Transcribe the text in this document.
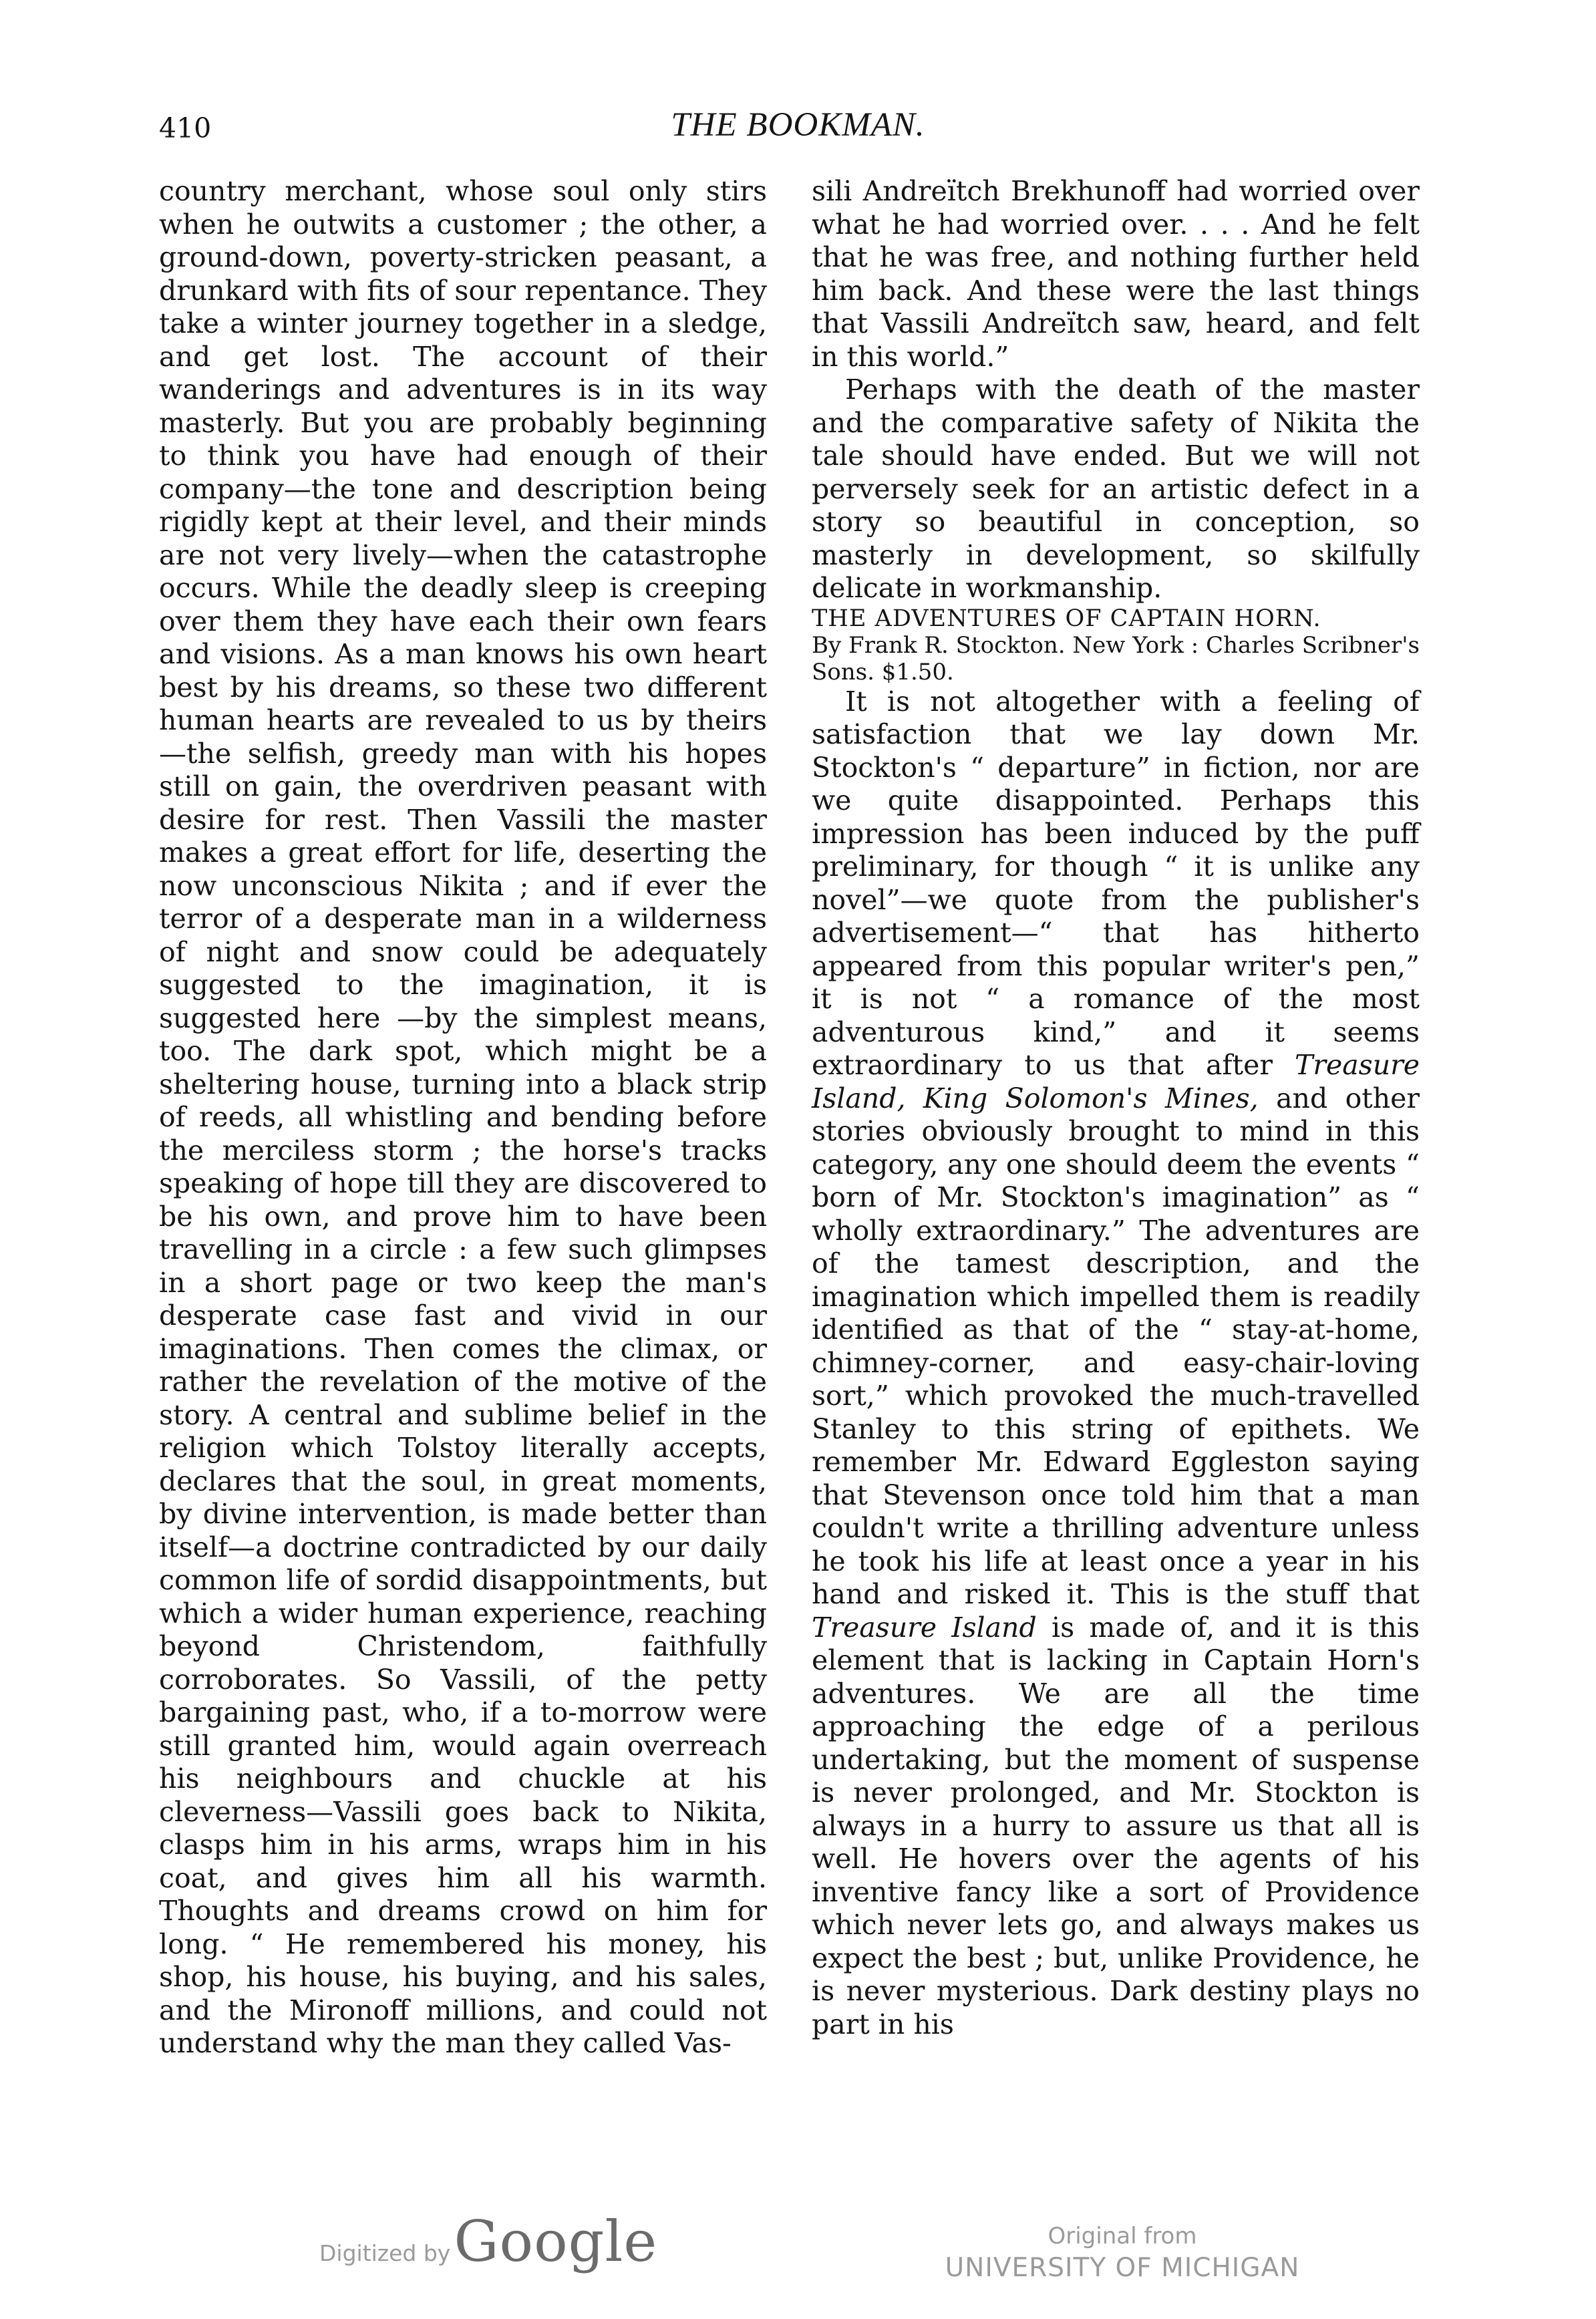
410	THE BOOKMAN.

country merchant, whose soul only stirs when he outwits a customer ; the other, a ground-down, poverty-stricken peasant, a drunkard with fits of sour repentance. They take a winter journey together in a sledge, and get lost. The account of their wanderings and adventures is in its way masterly. But you are probably beginning to think you have had enough of their company—the tone and description being rigidly kept at their level, and their minds are not very lively—when the catastrophe occurs. While the deadly sleep is creeping over them they have each their own fears and visions. As a man knows his own heart best by his dreams, so these two different human hearts are revealed to us by theirs—the selfish, greedy man with his hopes still on gain, the overdriven peasant with desire for rest. Then Vassili the master makes a great effort for life, deserting the now unconscious Nikita ; and if ever the terror of a desperate man in a wilderness of night and snow could be adequately suggested to the imagination, it is suggested here —by the simplest means, too. The dark spot, which might be a sheltering house, turning into a black strip of reeds, all whistling and bending before the merciless storm ; the horse's tracks speaking of hope till they are discovered to be his own, and prove him to have been travelling in a circle : a few such glimpses in a short page or two keep the man's desperate case fast and vivid in our imaginations. Then comes the climax, or rather the revelation of the motive of the story. A central and sublime belief in the religion which Tolstoy literally accepts, declares that the soul, in great moments, by divine intervention, is made better than itself—a doctrine contradicted by our daily common life of sordid disappointments, but which a wider human experience, reaching beyond Christendom, faithfully corroborates. So Vassili, of the petty bargaining past, who, if a to-morrow were still granted him, would again overreach his neighbours and chuckle at his cleverness—Vassili goes back to Nikita, clasps him in his arms, wraps him in his coat, and gives him all his warmth. Thoughts and dreams crowd on him for long. “ He remembered his money, his shop, his house, his buying, and his sales, and the Mironoff millions, and could not understand why the man they called Vas-

sili Andreïtch Brekhunoff had worried over what he had worried over. . . . And he felt that he was free, and nothing further held him back. And these were the last things that Vassili Andreïtch saw, heard, and felt in this world.”

Perhaps with the death of the master and the comparative safety of Nikita the tale should have ended. But we will not perversely seek for an artistic defect in a story so beautiful in conception, so masterly in development, so skilfully delicate in workmanship.

THE ADVENTURES OF CAPTAIN HORN.

By Frank R. Stockton. New York : Charles Scribner's Sons. $1.50.

It is not altogether with a feeling of satisfaction that we lay down Mr. Stockton's “ departure” in fiction, nor are we quite disappointed. Perhaps this impression has been induced by the puff preliminary, for though “ it is unlike any novel”—we quote from the publisher's advertisement—“ that has hitherto appeared from this popular writer's pen,” it is not “ a romance of the most adventurous kind,” and it seems extraordinary to us that after Treasure Island, King Solomon's Mines, and other stories obviously brought to mind in this category, any one should deem the events “ born of Mr. Stockton's imagination” as “ wholly extraordinary.” The adventures are of the tamest description, and the imagination which impelled them is readily identified as that of the “ stay-at-home, chimney-corner, and easy-chair-loving sort,” which provoked the much-travelled Stanley to this string of epithets. We remember Mr. Edward Eggleston saying that Stevenson once told him that a man couldn't write a thrilling adventure unless he took his life at least once a year in his hand and risked it. This is the stuff that Treasure Island is made of, and it is this element that is lacking in Captain Horn's adventures. We are all the time approaching the edge of a perilous undertaking, but the moment of suspense is never prolonged, and Mr. Stockton is always in a hurry to assure us that all is well. He hovers over the agents of his inventive fancy like a sort of Providence which never lets go, and always makes us expect the best ; but, unlike Providence, he is never mysterious. Dark destiny plays no part in his

Digitized by Google	Original from
UNIVERSITY OF MICHIGAN
